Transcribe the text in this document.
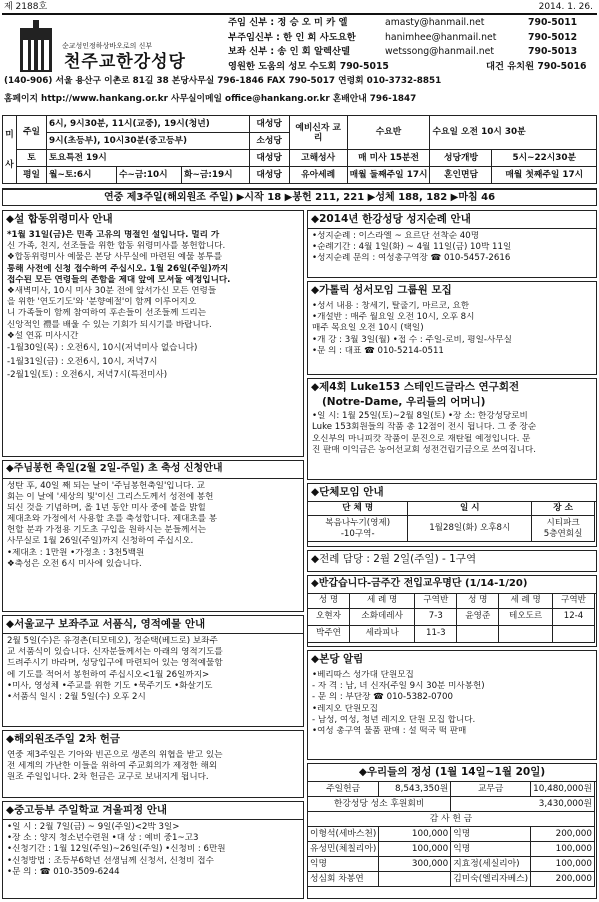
제 2188호	2014. 1. 26.
순교성인정하상바오로의 신부
천주교한강성당
주임 신부 : 정 승 오 미 카 엘	amasty@hanmail.net	790-5011
부주임신부 : 한 인 희 사도요한	hanimhee@hanmail.net	790-5012
보좌 신부 : 송 인 회 알렉산델	wetssong@hanmail.net	790-5013
영원한 도움의 성모 수도회 790-5015	대건 유치원 790-5016
(140-906) 서울 용산구 이촌로 81길 38 본당사무실 796-1846 FAX 790-5017 연령회 010-3732-8851
홈페이지 http://www.hankang.or.kr 사무실이메일 office@hankang.or.kr 혼배안내 796-1847
미
사	주일	6시, 9시30분, 11시(교중), 19시(청년)			대성당	예비신자 교 리	수요반	수요일 오전 10시 30분	
		9시(초등부), 10시30분(중고등부)			소성당				
	토	토요특전 19시			대성당	고해성사	매 미사 15분전	성당개방	5시~22시30분
	평일	월~토:6시	수~금:10시	화~금:19시	대성당	유아세례	매월 둘째주일 17시	혼인면담	매월 첫째주일 17시
연중 제3주일(해외원조 주일) ▶시작 18 ▶봉헌 211, 221 ▶성체 188, 182 ▶마침 46
◆설 합동위령미사 안내

*1월 31일(금)은 민족 고유의 명절인 설입니다. 멀리 가

신 가족, 친지, 선조들을 위한 합동 위령미사를 봉헌합니다.

❖합동위령미사 예물은 본당 사무실에 마련된 예물 봉투를

통해 사전에 신청 접수하여 주십시오. 1월 26일(주일)까지

접수된 모든 연령들의 존함을 제대 앞에 모셔둘 예정입니다.

❖새벽미사, 10시 미사 30분 전에 앞서가신 모든 연령들

을 위한 '연도기도'와 '분향예절'이 함께 이루어지오

니 가족들이 함께 참여하여 후손들이 선조들께 드리는

신앙적인 禮를 배울 수 있는 기회가 되시기를 바랍니다.

❖설 연휴 미사시간

-1월30일(목) : 오전6시, 10시(저녁미사 없습니다)

-1월31일(금) : 오전6시, 10시, 저녁7시

-2월1일(토) : 오전6시, 저녁7시(특전미사)

◆주님봉헌 축일(2월 2일-주일) 초 축성 신청안내

성탄 후, 40일 째 되는 날이 '주님봉헌축일'입니다. 교

회는 이 날에 '세상의 빛'이신 그리스도께서 성전에 봉헌

되신 것을 기념하며, 올 1년 동안 미사 중에 불을 밝힐

제대초와 가정에서 사용할 초를 축성합니다. 제대초를 봉

헌할 분과 가정용 기도초 구입을 원하시는 분들께서는

사무실로 1월 26일(주일)까지 신청하여 주십시오.

•제대초 : 1만원 •가정초 : 3천5백원

❖축성은 오전 6시 미사에 있습니다.

◆서울교구 보좌주교 서품식, 영적예물 안내

2월 5일(수)은 유경촌(티모테오), 정순택(베드로) 보좌주

교 서품식이 있습니다. 신자분들께서는 아래의 영적기도를

드려주시기 바라며, 성당입구에 마련되어 있는 영적예물함

에 기도를 적어서 봉헌하여 주십시오<1월 26일까지>

•미사, 영성체 •주교를 위한 기도 •묵주기도 •화살기도

•서품식 일시 : 2월 5일(수) 오후 2시

◆해외원조주일 2차 헌금

연중 제3주일은 기아와 빈곤으로 생존의 위협을 받고 있는

전 세계의 가난한 이들을 위하여 주교회의가 제정한 해외

원조 주일입니다. 2차 헌금은 교구로 보내지게 됩니다.

◆중고등부 주일학교 겨울피정 안내

•일 시 : 2월 7일(금) ~ 9일(주일)<2박 3일>

•장 소 : 양지 청소년수련원 •대 상 : 예비 중1~고3

•신청기간 : 1월 12일(주일)~26일(주일) •신청비 : 6만원

•신청방법 : 조등부6학년 선생님께 신청서, 신청비 접수

•문 의 : ☎ 010-3509-6244

◆2014년 한강성당 성지순례 안내

•성지순례 : 이스라엘 ~ 요르단 선착순 40명

•순례기간 : 4월 1일(화) ~ 4월 11일(금) 10박 11일

•성지순례 문의 : 여성총구역장 ☎ 010-5457-2616

◆가톨릭 성서모임 그룹원 모집

•성서 내용 : 창세기, 탈출기, 마르코, 요한

•개설반 : 매주 월요일 오전 10시, 오후 8시

매주 목요일 오전 10시 (택일)

•개 강 : 3월 3일(월) •접 수 : 주일-로비, 평일-사무실

•문 의 : 대표 ☎ 010-5214-0511

◆제4회 Luke153 스테인드글라스 연구회전
(Notre-Dame, 우리들의 어머니)

•일 시: 1월 25일(토)~2월 8일(토) •장 소: 한강성당로비

Luke 153회원들의 작품 총 12점이 전시 됩니다. 그 중 장순

오신부의 마니피캇 작품이 문진으로 재탄될 예정입니다. 문

진 판매 이익금은 농어선교회 성전건립기금으로 쓰여집니다.

◆단체모임 안내
단 체 명	일 시	장 소
복음나누기(영제)
-10구역-	1월28일(화) 오후8시	시티파크
5층연회실
◆전례 담당 : 2월 2일(주일) - 1구역
◆반갑습니다-금주간 전입교우명단 (1/14-1/20)
성 명	세 례 명	구역반	성 명	세 례 명	구역반
오현자	소화데레사	7-3	윤영준	테오도르	12-4
박주연	세라피나	11-3			
◆본당 알림

•베리따스 성가대 단원모집

- 자 격 : 남, 녀 신자(주일 9시 30분 미사봉헌)

- 문 의 : 부단장 ☎ 010-5382-0700

•레지오 단원모집

- 남성, 여성, 청년 레지오 단원 모집 합니다.

•여성 총구역 물품 판매 : 설 떡국 떡 판매

◆우리들의 정성 (1월 14일~1월 20일)
주일헌금	8,543,350원	교무금	10,480,000원
한강성당 성소 후원회비		3,430,000원	
감 사 헌 금			
이형석(세바스천)	100,000	익명	200,000
유성민(체칠리아)	100,000	익명	100,000
익명	300,000	지효정(세실리아)	100,000
성심회 차봉연		김미숙(엘리자베스)	200,000
